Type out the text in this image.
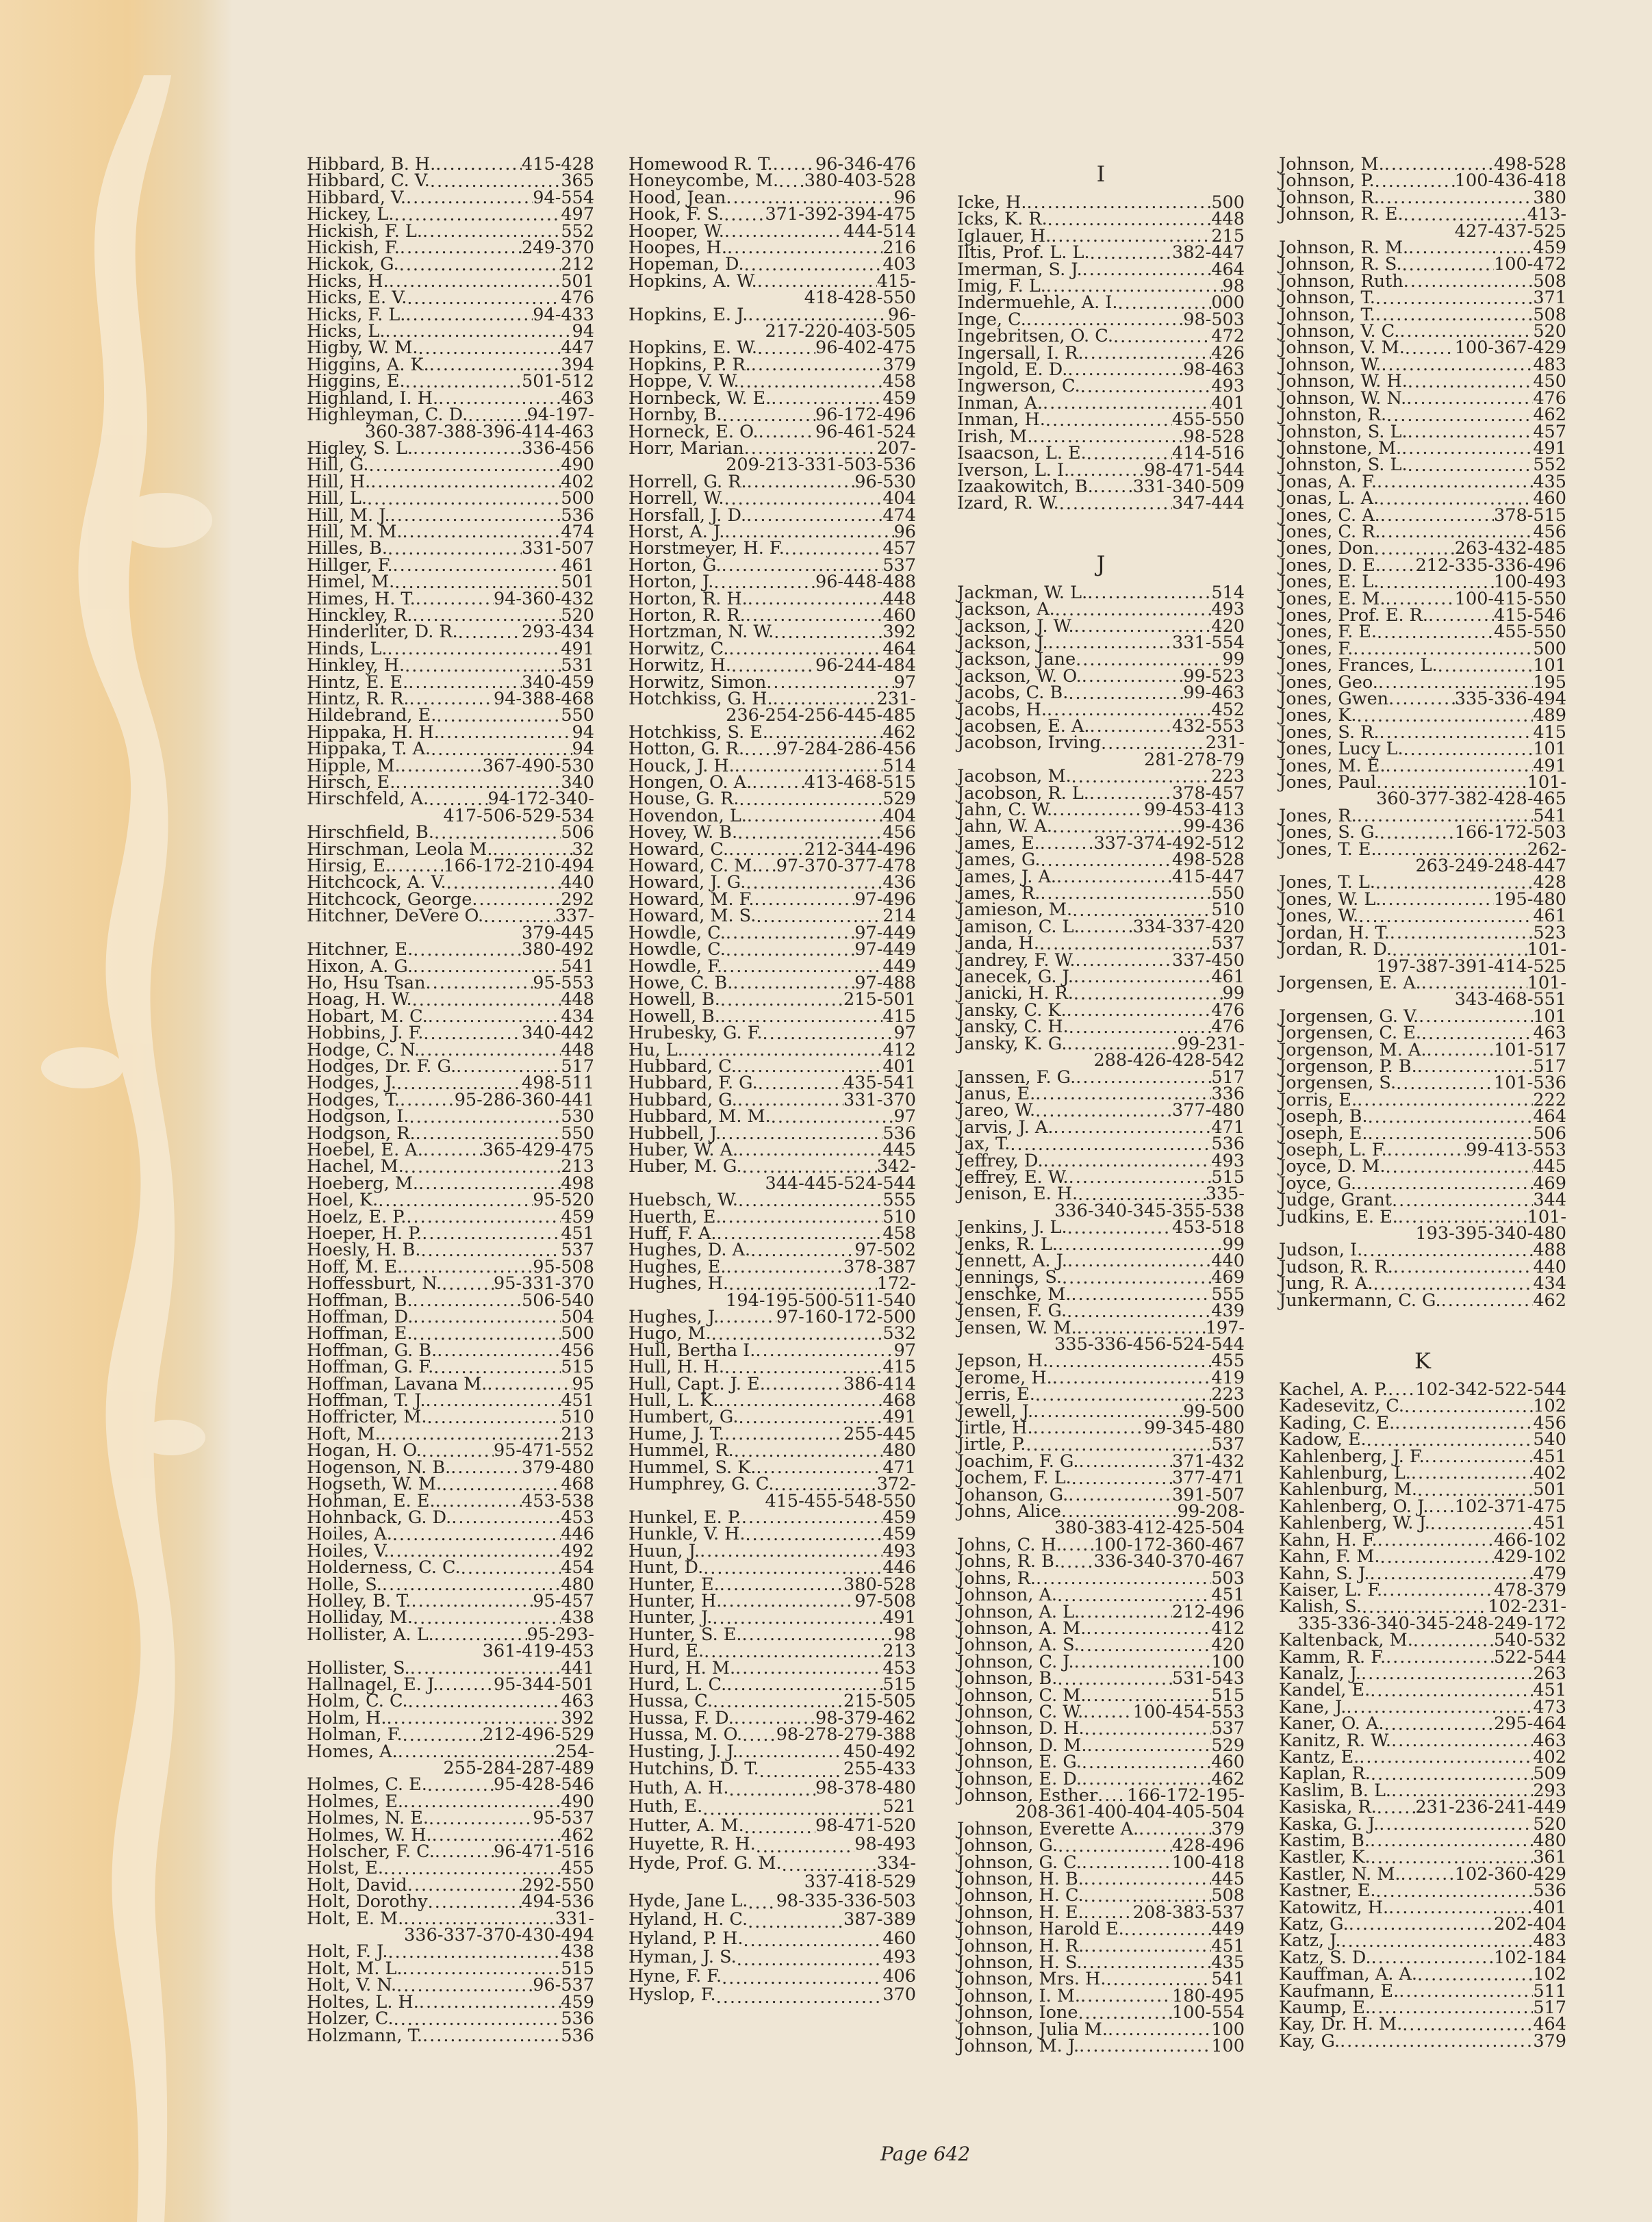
Hibbard, B. H. .....	415-428
Hibbard, C. V. .....	365
Hibbard, V. .....	94-554
Hickey, L. .....	497
Hickish, F. L. .....	552
Hickish, F. .....	249-370
Hickok, G. .....	212
Hicks, H. .....	501
Hicks, E. V. .....	476
Hicks, F. L. .....	94-433
Hicks, L. .....	94
Higby, W. M. .....	447
Higgins, A. K. .....	394
Higgins, E. .....	501-512
Highland, I. H. .....	463
Highleyman, C. D. .....	94-197-
360-387-388-396-414-463
Higley, S. L. .....	336-456
Hill, G. .....	490
Hill, H. .....	402
Hill, L. .....	500
Hill, M. J. .....	536
Hill, M. M. .....	474
Hilles, B. .....	331-507
Hillger, F. .....	461
Himel, M. .....	501
Himes, H. T. .....	94-360-432
Hinckley, R. .....	520
Hinderliter, D. R. .....	293-434
Hinds, L. .....	491
Hinkley, H. .....	531
Hintz, E. E. .....	340-459
Hintz, R. R. .....	94-388-468
Hildebrand, E. .....	550
Hippaka, H. H. .....	94
Hippaka, T. A. .....	94
Hipple, M. .....	367-490-530
Hirsch, E. .....	340
Hirschfeld, A. .....	94-172-340-
417-506-529-534
Hirschfield, B. .....	506
Hirschman, Leola M. .....	32
Hirsig, E. .....	166-172-210-494
Hitchcock, A. V. .....	440
Hitchcock, George .....	292
Hitchner, DeVere O. .....	337-
379-445
Hitchner, E. .....	380-492
Hixon, A. G. .....	541
Ho, Hsu Tsan .....	95-553
Hoag, H. W. .....	448
Hobart, M. C. .....	434
Hobbins, J. F. .....	340-442
Hodge, C. N. .....	448
Hodges, Dr. F. G. .....	517
Hodges, J. .....	498-511
Hodges, T. .....	95-286-360-441
Hodgson, I. .....	530
Hodgson, R. .....	550
Hoebel, E. A. .....	365-429-475
Hachel, M. .....	213
Hoeberg, M. .....	498
Hoel, K. .....	95-520
Hoelz, E. P. .....	459
Hoeper, H. P. .....	451
Hoesly, H. B. .....	537
Hoff, M. E. .....	95-508
Hoffessburt, N. .....	95-331-370
Hoffman, B. .....	506-540
Hoffman, D. .....	504
Hoffman, E. .....	500
Hoffman, G. B. .....	456
Hoffman, G. F. .....	515
Hoffman, Lavana M. .....	95
Hoffman, T. J. .....	451
Hoffricter, M. .....	510
Hoft, M. .....	213
Hogan, H. O. .....	95-471-552
Hogenson, N. B. .....	379-480
Hogseth, W. M. .....	468
Hohman, E. E. .....	453-538
Hohnback, G. D. .....	453
Hoiles, A. .....	446
Hoiles, V. .....	492
Holderness, C. C. .....	454
Holle, S. .....	480
Holley, B. T. .....	95-457
Holliday, M. .....	438
Hollister, A. L. .....	95-293-
361-419-453
Hollister, S. .....	441
Hallnagel, E. J. .....	95-344-501
Holm, C. C. .....	463
Holm, H. .....	392
Holman, F. .....	212-496-529
Homes, A. .....	254-
255-284-287-489
Holmes, C. E. .....	95-428-546
Holmes, E. .....	490
Holmes, N. E. .....	95-537
Holmes, W. H. .....	462
Holscher, F. C. .....	96-471-516
Holst, E. .....	455
Holt, David .....	292-550
Holt, Dorothy .....	494-536
Holt, E. M. .....	331-
336-337-370-430-494
Holt, F. J. .....	438
Holt, M. L. .....	515
Holt, V. N. .....	96-537
Holtes, L. H. .....	459
Holzer, C. .....	536
Holzmann, T. .....	536
Homewood R. T. ..... 96-346-476
Honeycombe, M. ..... 380-403-528
Hood, Jean .....	96
Hook, F. S. ..... 371-392-394-475
Hooper, W. .....	444-514
Hoopes, H. .....	216
Hopeman, D. .....	403
Hopkins, A. W. .....	415-
418-428-550
Hopkins, E. J. .....	96-
217-220-403-505
Hopkins, E. W. .....	96-402-475
Hopkins, P. R. .....	379
Hoppe, V. W. .....	458
Hornbeck, W. E. .....	459
Hornby, B. .....	96-172-496
Horneck, E. O. .....	96-461-524
Horr, Marian .....	207-
209-213-331-503-536
Horrell, G. R. .....	96-530
Horrell, W. .....	404
Horsfall, J. D. .....	474
Horst, A. J. .....	96
Horstmeyer, H. F. .....	457
Horton, G. .....	537
Horton, J. .....	96-448-488
Horton, R. H. .....	448
Horton, R. R. .....	460
Hortzman, N. W. .....	392
Horwitz, C. .....	464
Horwitz, H. .....	96-244-484
Horwitz, Simon .....	97
Hotchkiss, G. H. .....	231-
236-254-256-445-485
Hotchkiss, S. E. .....	462
Hotton, G. R. ..... 97-284-286-456
Houck, J. H. .....	514
Hongen, O. A. .....	413-468-515
House, G. R. .....	529
Hovendon, L. .....	404
Hovey, W. B. .....	456
Howard, C. .....	212-344-496
Howard, C. M. ..... 97-370-377-478
Howard, J. G. .....	436
Howard, M. F. .....	97-496
Howard, M. S. .....	214
Howdle, C. .....	97-449
Howdle, C. .....	97-449
Howdle, F. .....	449
Howe, C. B. .....	97-488
Howell, B. .....	215-501
Howell, B. .....	415
Hrubesky, G. F. .....	97
Hu, L. .....	412
Hubbard, C. .....	401
Hubbard, F. G. .....	435-541
Hubbard, G. .....	331-370
Hubbard, M. M. .....	97
Hubbell, J. .....	536
Huber, W. A. .....	445
Huber, M. G. .....	342-
344-445-524-544
Huebsch, W. .....	555
Huerth, E. .....	510
Huff, F. A. .....	458
Hughes, D. A. .....	97-502
Hughes, E. .....	378-387
Hughes, H. .....	172-
194-195-500-511-540
Hughes, J. .....	97-160-172-500
Hugo, M. .....	532
Hull, Bertha I. .....	97
Hull, H. H. .....	415
Hull, Capt. J. E. .....	386-414
Hull, L. K. .....	468
Humbert, G. .....	491
Hume, J. T. .....	255-445
Hummel, R. .....	480
Hummel, S. K. .....	471
Humphrey, G. C. .....	372-
415-455-548-550
Hunkel, E. P. .....	459
Hunkle, V. H. .....	459
Huun, J. .....	493
Hunt, D. .....	446
Hunter, E. .....	380-528
Hunter, H. .....	97-508
Hunter, J. .....	491
Hunter, S. E. .....	98
Hurd, E. .....	213
Hurd, H. M. .....	453
Hurd, L. C. .....	515
Hussa, C. .....	215-505
Hussa, F. D. .....	98-379-462
Hussa, M. O. ..... 98-278-279-388
Husting, J. J. .....	450-492
Hutchins, D. T. .....	255-433
Huth, A. H. .....	98-378-480
Huth, E. .....	521
Hutter, A. M. .....	98-471-520
Huyette, R. H. .....	98-493
Hyde, Prof. G. M. .....	334-
337-418-529
Hyde, Jane L. ..... 98-335-336-503
Hyland, H. C. .....	387-389
Hyland, P. H. .....	460
Hyman, J. S. .....	493
Hyne, F. F. .....	406
Hyslop, F. .....	370
I
Icke, H. .....	500
Icks, K. R. .....	448
Iglauer, H. .....	215
Iltis, Prof. L. L. .....	382-447
Imerman, S. J. .....	464
Imig, F. L. .....	98
Indermuehle, A. I. .....	000
Inge, C. .....	98-503
Ingebritsen, O. C. .....	472
Ingersall, I. R. .....	426
Ingold, E. D. .....	98-463
Ingwerson, C. .....	493
Inman, A. .....	401
Inman, H. .....	455-550
Irish, M. .....	98-528
Isaacson, L. E. .....	414-516
Iverson, L. I. .....	98-471-544
Izaakowitch, B. ..... 331-340-509
Izard, R. W. .....	347-444
J
Jackman, W. L. .....	514
Jackson, A. .....	493
Jackson, J. W. .....	420
Jackson, J. .....	331-554
Jackson, Jane .....	99
Jackson, W. O. .....	99-523
Jacobs, C. B. .....	99-463
Jacobs, H. .....	452
Jacobsen, E. A. .....	432-553
Jacobson, Irving .....	231-
281-278-79
Jacobson, M. .....	223
Jacobson, R. L. .....	378-457
Jahn, C. W. .....	99-453-413
Jahn, W. A. .....	99-436
James, E. .....	337-374-492-512
James, G. .....	498-528
James, J. A. .....	415-447
James, R. .....	550
Jamieson, M. .....	510
Jamison, C. L. .....	334-337-420
Janda, H. .....	537
Jandrey, F. W. .....	337-450
Janecek, G. J. .....	461
Janicki, H. R. .....	99
Jansky, C. K. .....	476
Jansky, C. H. .....	476
Jansky, K. G. .....	99-231-
288-426-428-542
Janssen, F. G. .....	517
Janus, E. .....	336
Jareo, W. .....	377-480
Jarvis, J. A. .....	471
Jax, T. .....	536
Jeffrey, D. .....	493
Jeffrey, E. W. .....	515
Jenison, E. H. .....	335-
336-340-345-355-538
Jenkins, J. L. .....	453-518
Jenks, R. L. .....	99
Jennett, A. J. .....	440
Jennings, S. .....	469
Jenschke, M. .....	555
Jensen, F. G. .....	439
Jensen, W. M. .....	197-
335-336-456-524-544
Jepson, H. .....	455
Jerome, H. .....	419
Jerris, E. .....	223
Jewell, J. .....	99-500
Jirtle, H. .....	99-345-480
Jirtle, P. .....	537
Joachim, F. G. .....	371-432
Jochem, F. L. .....	377-471
Johanson, G. .....	391-507
Johns, Alice .....	99-208-
380-383-412-425-504
Johns, C. H. ..... 100-172-360-467
Johns, R. B. ..... 336-340-370-467
Johns, R. .....	503
Johnson, A. .....	451
Johnson, A. L. .....	212-496
Johnson, A. M. .....	412
Johnson, A. S. .....	420
Johnson, C. J. .....	100
Johnson, B. .....	531-543
Johnson, C. M. .....	515
Johnson, C. W. .....	100-454-553
Johnson, D. H. .....	537
Johnson, D. M. .....	529
Johnson, E. G. .....	460
Johnson, E. D. .....	462
Johnson, Esther ..... 166-172-195-
208-361-400-404-405-504
Johnson, Everette A. .....	379
Johnson, G. .....	428-496
Johnson, G. C. .....	100-418
Johnson, H. B. .....	445
Johnson, H. C. .....	508
Johnson, H. E. .....	208-383-537
Johnson, Harold E. .....	449
Johnson, H. R. .....	451
Johnson, H. S. .....	435
Johnson, Mrs. H. .....	541
Johnson, I. M. .....	180-495
Johnson, Ione .....	100-554
Johnson, Julia M. .....	100
Johnson, M. J. .....	100
Johnson, M. .....	498-528
Johnson, P. .....	100-436-418
Johnson, R. .....	380
Johnson, R. E. .....	413-
427-437-525
Johnson, R. M. .....	459
Johnson, R. S. .....	100-472
Johnson, Ruth .....	508
Johnson, T. .....	371
Johnson, T. .....	508
Johnson, V. C. .....	520
Johnson, V. M. .....	100-367-429
Johnson, W. .....	483
Johnson, W. H. .....	450
Johnson, W. N. .....	476
Johnston, R. .....	462
Johnston, S. L. .....	457
Johnstone, M. .....	491
Johnston, S. L. .....	552
Jonas, A. F. .....	435
Jonas, L. A. .....	460
Jones, C. A. .....	378-515
Jones, C. R. .....	456
Jones, Don .....	263-432-485
Jones, D. E. ..... 212-335-336-496
Jones, E. L. .....	100-493
Jones, E. M. .....	100-415-550
Jones, Prof. E. R. .....	415-546
Jones, F. E. .....	455-550
Jones, F. .....	500
Jones, Frances, L. .....	101
Jones, Geo. .....	195
Jones, Gwen .....	335-336-494
Jones, K. .....	489
Jones, S. R. .....	415
Jones, Lucy L. .....	101
Jones, M. E. .....	491
Jones, Paul .....	101-
360-377-382-428-465
Jones, R. .....	541
Jones, S. G. .....	166-172-503
Jones, T. E. .....	262-
263-249-248-447
Jones, T. L. .....	428
Jones, W. L. .....	195-480
Jones, W. .....	461
Jordan, H. T. .....	523
Jordan, R. D. .....	101-
197-387-391-414-525
Jorgensen, E. A. .....	101-
343-468-551
Jorgensen, G. V. .....	101
Jorgensen, C. E. .....	463
Jorgenson, M. A. .....	101-517
Jorgenson, P. B. .....	517
Jorgensen, S. .....	101-536
Jorris, E. .....	222
Joseph, B. .....	464
Joseph, E. .....	506
Joseph, L. F. .....	99-413-553
Joyce, D. M. .....	445
Joyce, G. .....	469
Judge, Grant .....	344
Judkins, E. E. .....	101-
193-395-340-480
Judson, I. .....	488
Judson, R. R. .....	440
Jung, R. A. .....	434
Junkermann, C. G. .....	462
K
Kachel, A. P. ..... 102-342-522-544
Kadesevitz, C. .....	102
Kading, C. E. .....	456
Kadow, E. .....	540
Kahlenberg, J. F. .....	451
Kahlenburg, L. .....	402
Kahlenburg, M. .....	501
Kahlenberg, O. J. ..... 102-371-475
Kahlenberg, W. J. .....	451
Kahn, H. F. .....	466-102
Kahn, F. M. .....	429-102
Kahn, S. J. .....	479
Kaiser, L. F. .....	478-379
Kalish, S. .....	102-231-
335-336-340-345-248-249-172
Kaltenback, M. .....	540-532
Kamm, R. F. .....	522-544
Kanalz, J. .....	263
Kandel, E. .....	451
Kane, J. .....	473
Kaner, O. A. .....	295-464
Kanitz, R. W. .....	463
Kantz, E. .....	402
Kaplan, R. .....	509
Kaslim, B. L. .....	293
Kasiska, R. ..... 231-236-241-449
Kaska, G. J. .....	520
Kastim, B. .....	480
Kastler, K. .....	361
Kastler, N. M. .....	102-360-429
Kastner, E. .....	536
Katowitz, H. .....	401
Katz, G. .....	202-404
Katz, J. .....	483
Katz, S. D. .....	102-184
Kauffman, A. A. .....	102
Kaufmann, E. .....	511
Kaump, E. .....	517
Kay, Dr. H. M. .....	464
Kay, G. .....	379
Page 642
